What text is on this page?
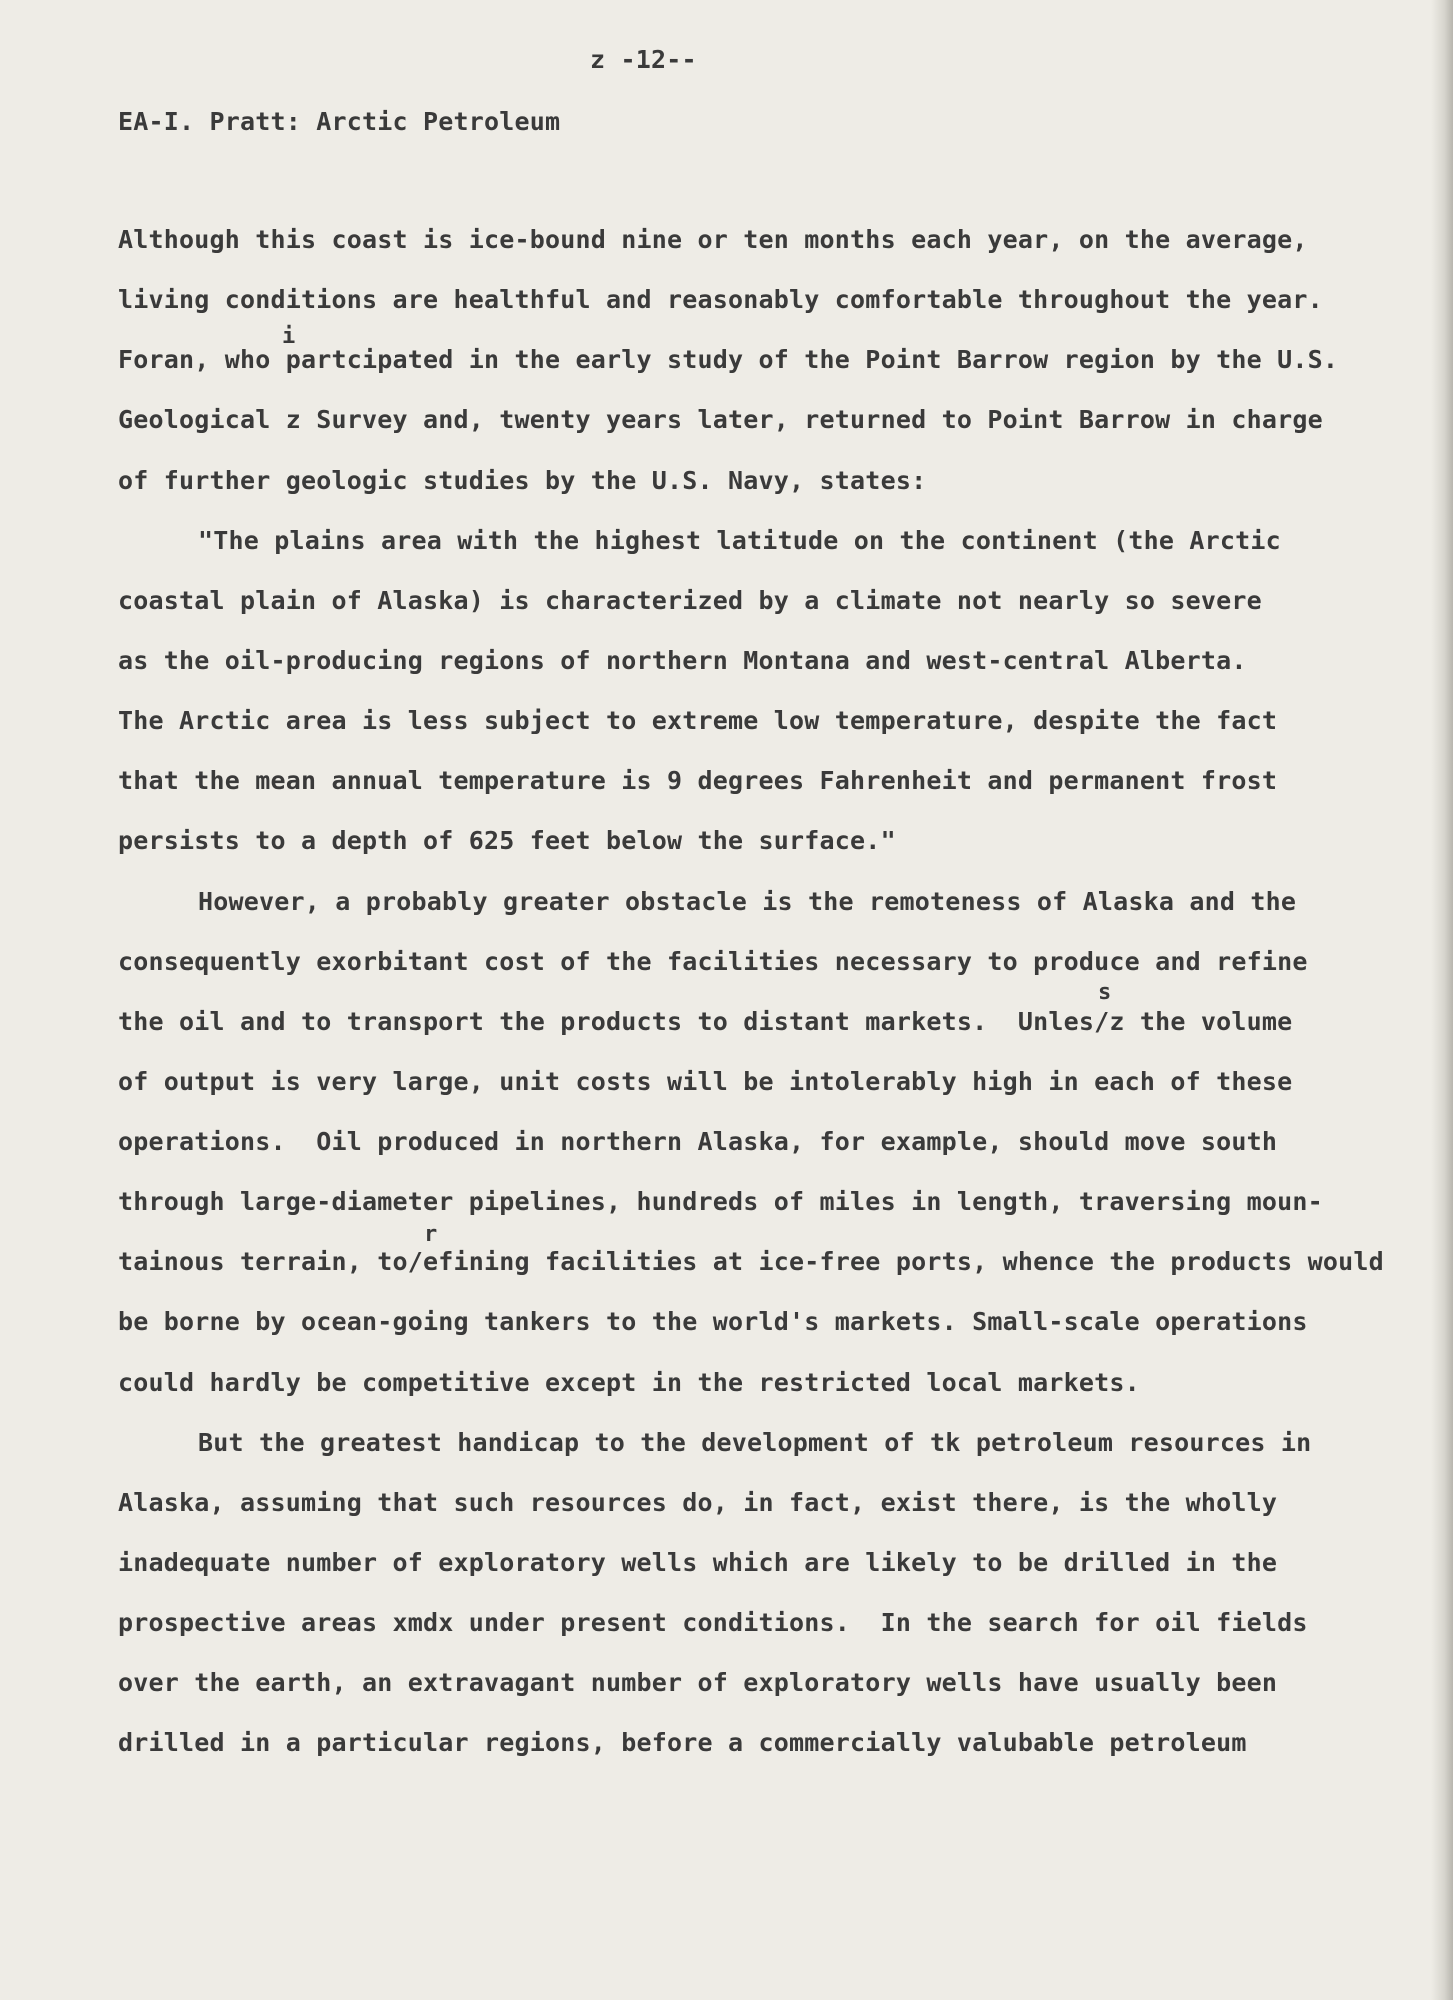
z -12--
EA-I. Pratt: Arctic Petroleum
i
s
r
Although this coast is ice-bound nine or ten months each year, on the average,
living conditions are healthful and reasonably comfortable throughout the year.
Foran, who partcipated in the early study of the Point Barrow region by the U.S.
Geological z Survey and, twenty years later, returned to Point Barrow in charge
of further geologic studies by the U.S. Navy, states:
"The plains area with the highest latitude on the continent (the Arctic
coastal plain of Alaska) is characterized by a climate not nearly so severe
as the oil-producing regions of northern Montana and west-central Alberta.
The Arctic area is less subject to extreme low temperature, despite the fact
that the mean annual temperature is 9 degrees Fahrenheit and permanent frost
persists to a depth of 625 feet below the surface."
However, a probably greater obstacle is the remoteness of Alaska and the
consequently exorbitant cost of the facilities necessary to produce and refine
the oil and to transport the products to distant markets.  Unles/z the volume
of output is very large, unit costs will be intolerably high in each of these
operations.  Oil produced in northern Alaska, for example, should move south
through large-diameter pipelines, hundreds of miles in length, traversing moun-
tainous terrain, to/efining facilities at ice-free ports, whence the products would
be borne by ocean-going tankers to the world's markets. Small-scale operations
could hardly be competitive except in the restricted local markets.
But the greatest handicap to the development of tk petroleum resources in
Alaska, assuming that such resources do, in fact, exist there, is the wholly
inadequate number of exploratory wells which are likely to be drilled in the
prospective areas xmdx under present conditions.  In the search for oil fields
over the earth, an extravagant number of exploratory wells have usually been
drilled in a particular regions, before a commercially valubable petroleum
